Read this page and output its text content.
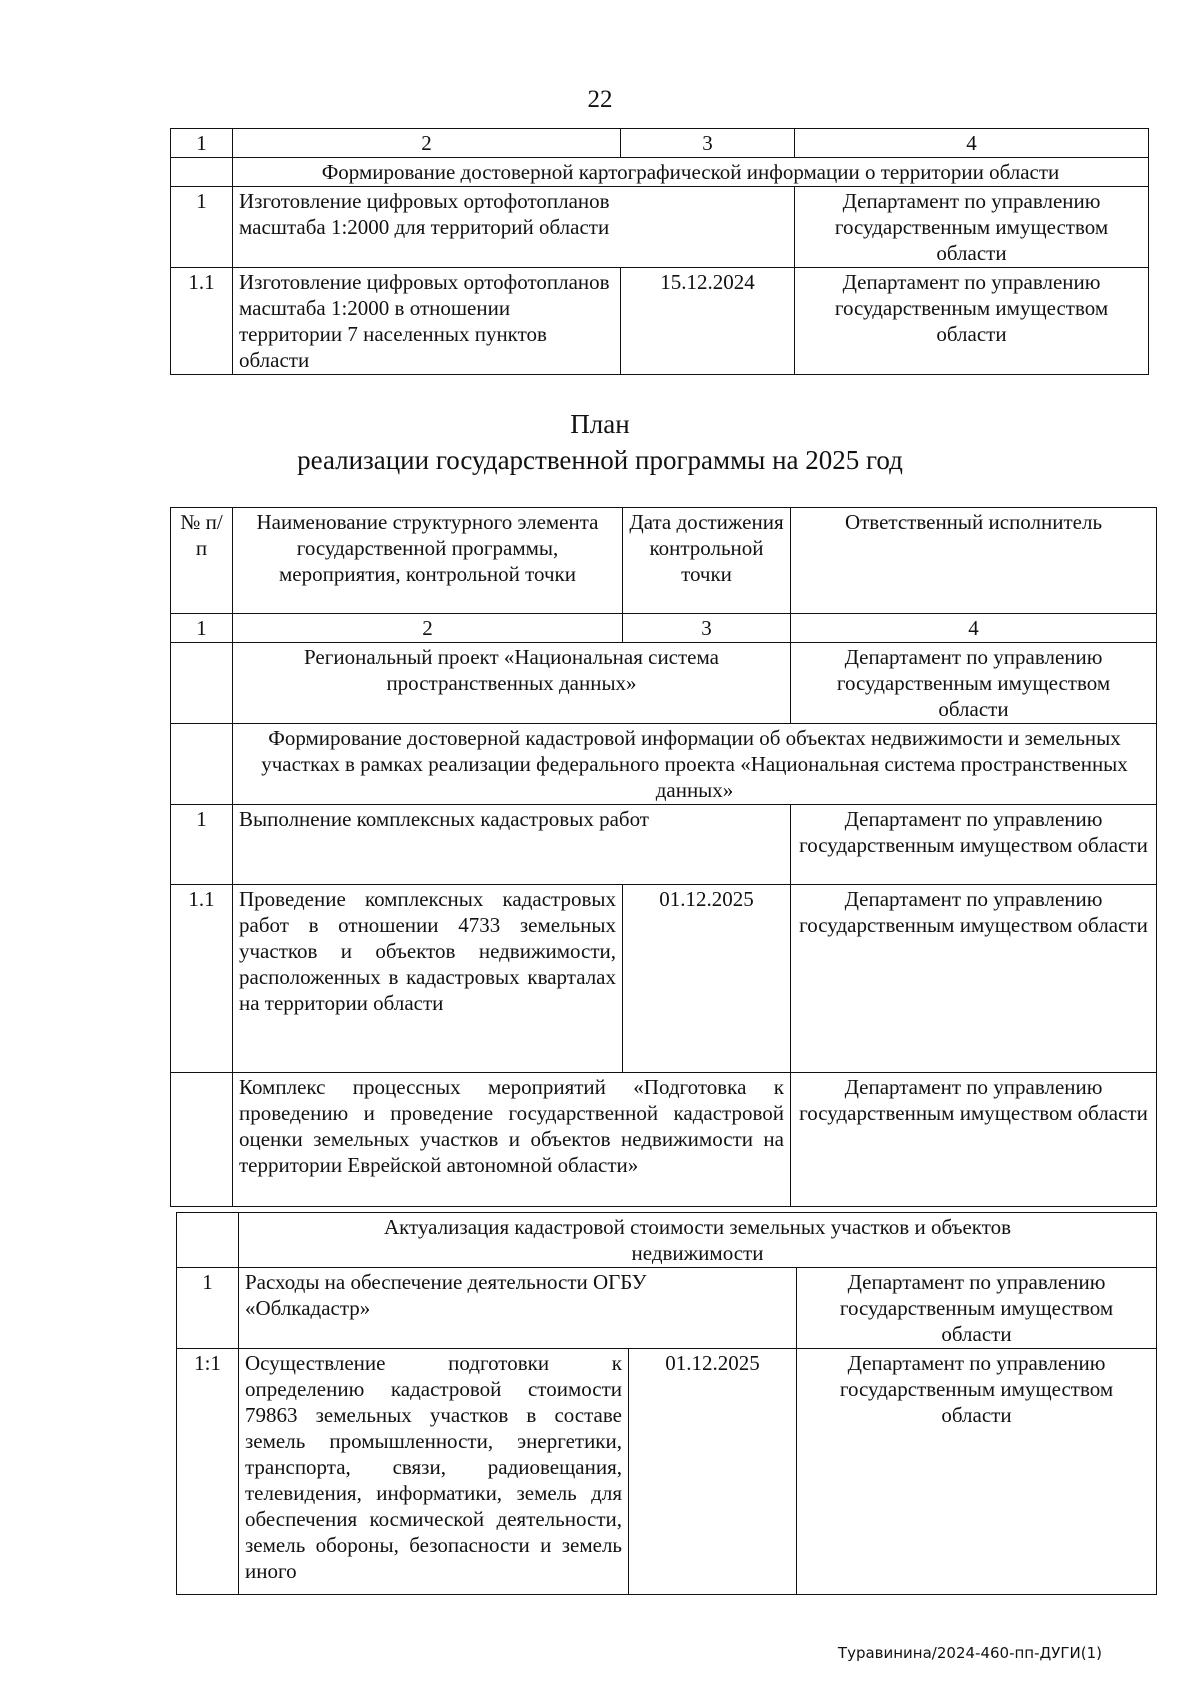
22
1	2	3	4
	Формирование достоверной картографической информации о территории области		
1	Изготовление цифровых ортофотопланов масштаба 1:2000 для территорий области		Департамент по управлению государственным имуществом области
1.1	Изготовление цифровых ортофотопланов масштаба 1:2000 в отношении территории 7 населенных пунктов области	15.12.2024	Департамент по управлению государственным имуществом области
План
реализации государственной программы на 2025 год
№ п/п	Наименование структурного элемента государственной программы, мероприятия, контрольной точки	Дата достижения контрольной точки	Ответственный исполнитель
1	2	3	4
	Региональный проект «Национальная система пространственных данных»		Департамент по управлению государственным имуществом области
	Формирование достоверной кадастровой информации об объектах недвижимости и земельных участках в рамках реализации федерального проекта «Национальная система пространственных данных»		
1	Выполнение комплексных кадастровых работ		Департамент по управлению государственным имуществом области
1.1	Проведение комплексных кадастровых работ в отношении 4733 земельных участков и объектов недвижимости, расположенных в кадастровых кварталах на территории области	01.12.2025	Департамент по управлению государственным имуществом области
	Комплекс процессных мероприятий «Подготовка к проведению и проведение государственной кадастровой оценки земельных участков и объектов недвижимости на территории Еврейской автономной области»		Департамент по управлению государственным имуществом области
	Актуализация кадастровой стоимости земельных участков и объектов недвижимости		
1	Расходы на обеспечение деятельности ОГБУ «Облкадастр»		Департамент по управлению государственным имуществом области
1:1	Осуществление подготовки к определению кадастровой стоимости 79863 земельных участков в составе земель промышленности, энергетики, транспорта, связи, радиовещания, телевидения, информатики, земель для обеспечения космической деятельности, земель обороны, безопасности и земель иного	01.12.2025	Департамент по управлению государственным имуществом области
Туравинина/2024-460-пп-ДУГИ(1)
